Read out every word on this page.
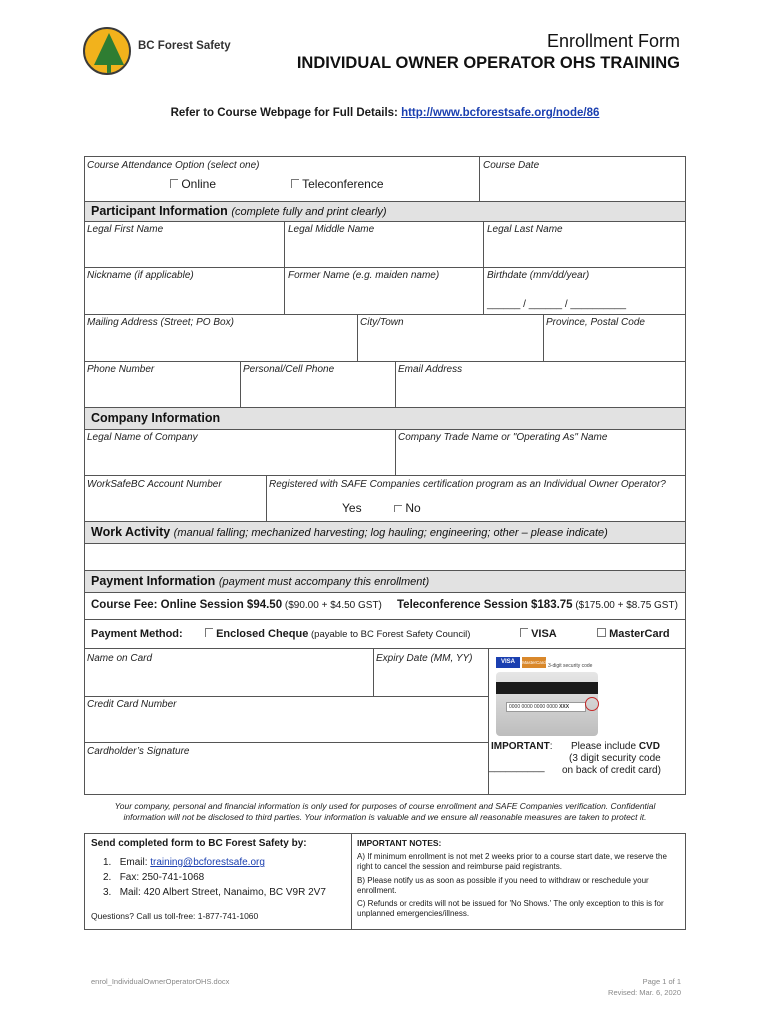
BC Forest Safety	Enrollment Form
INDIVIDUAL OWNER OPERATOR OHS TRAINING
Refer to Course Webpage for Full Details: http://www.bcforestsafe.org/node/86
Course Attendance Option (select one)	Course Date
Online	Teleconference
Participant Information (complete fully and print clearly)
Legal First Name	Legal Middle Name	Legal Last Name
Nickname (if applicable)	Former Name (e.g. maiden name)	Birthdate (mm/dd/year)
______ / ______ / __________
Mailing Address (Street; PO Box)	City/Town	Province, Postal Code
Phone Number	Personal/Cell Phone	Email Address
Company Information
Legal Name of Company	Company Trade Name or "Operating As" Name
WorkSafeBC Account Number	Registered with SAFE Companies certification program as an Individual Owner Operator?
Yes	No
Work Activity (manual falling; mechanized harvesting; log hauling; engineering; other – please indicate)
Payment Information (payment must accompany this enrollment)
Course Fee: Online Session $94.50 ($90.00 + $4.50 GST) Teleconference Session $183.75 ($175.00 + $8.75 GST)
Payment Method:	Enclosed Cheque (payable to BC Forest Safety Council)	VISA	MasterCard
Name on Card	Expiry Date (MM, YY)
Credit Card Number
Cardholder’s Signature
VISA	MasterCard
3-digit security code
0000 0000 0000 0000 XXX
IMPORTANT: Please include CVD
(3 digit security code
on back of credit card)
__________
Your company, personal and financial information is only used for purposes of course enrollment and SAFE Companies verification. Confidential
information will not be disclosed to third parties. Your information is valuable and we ensure all reasonable measures are taken to protect it.
Send completed form to BC Forest Safety by:
1. Email: training@bcforestsafe.org
2. Fax: 250-741-1068
3. Mail: 420 Albert Street, Nanaimo, BC V9R 2V7
Questions? Call us toll-free: 1-877-741-1060
IMPORTANT NOTES:
A) If minimum enrollment is not met 2 weeks prior to a course start date, we reserve the right to cancel the session and reimburse paid registrants.
B) Please notify us as soon as possible if you need to withdraw or reschedule your enrollment.
C) Refunds or credits will not be issued for 'No Shows.' The only exception to this is for unplanned emergencies/illness.
enrol_IndividualOwnerOperatorOHS.docx	Page 1 of 1
Revised: Mar. 6, 2020
